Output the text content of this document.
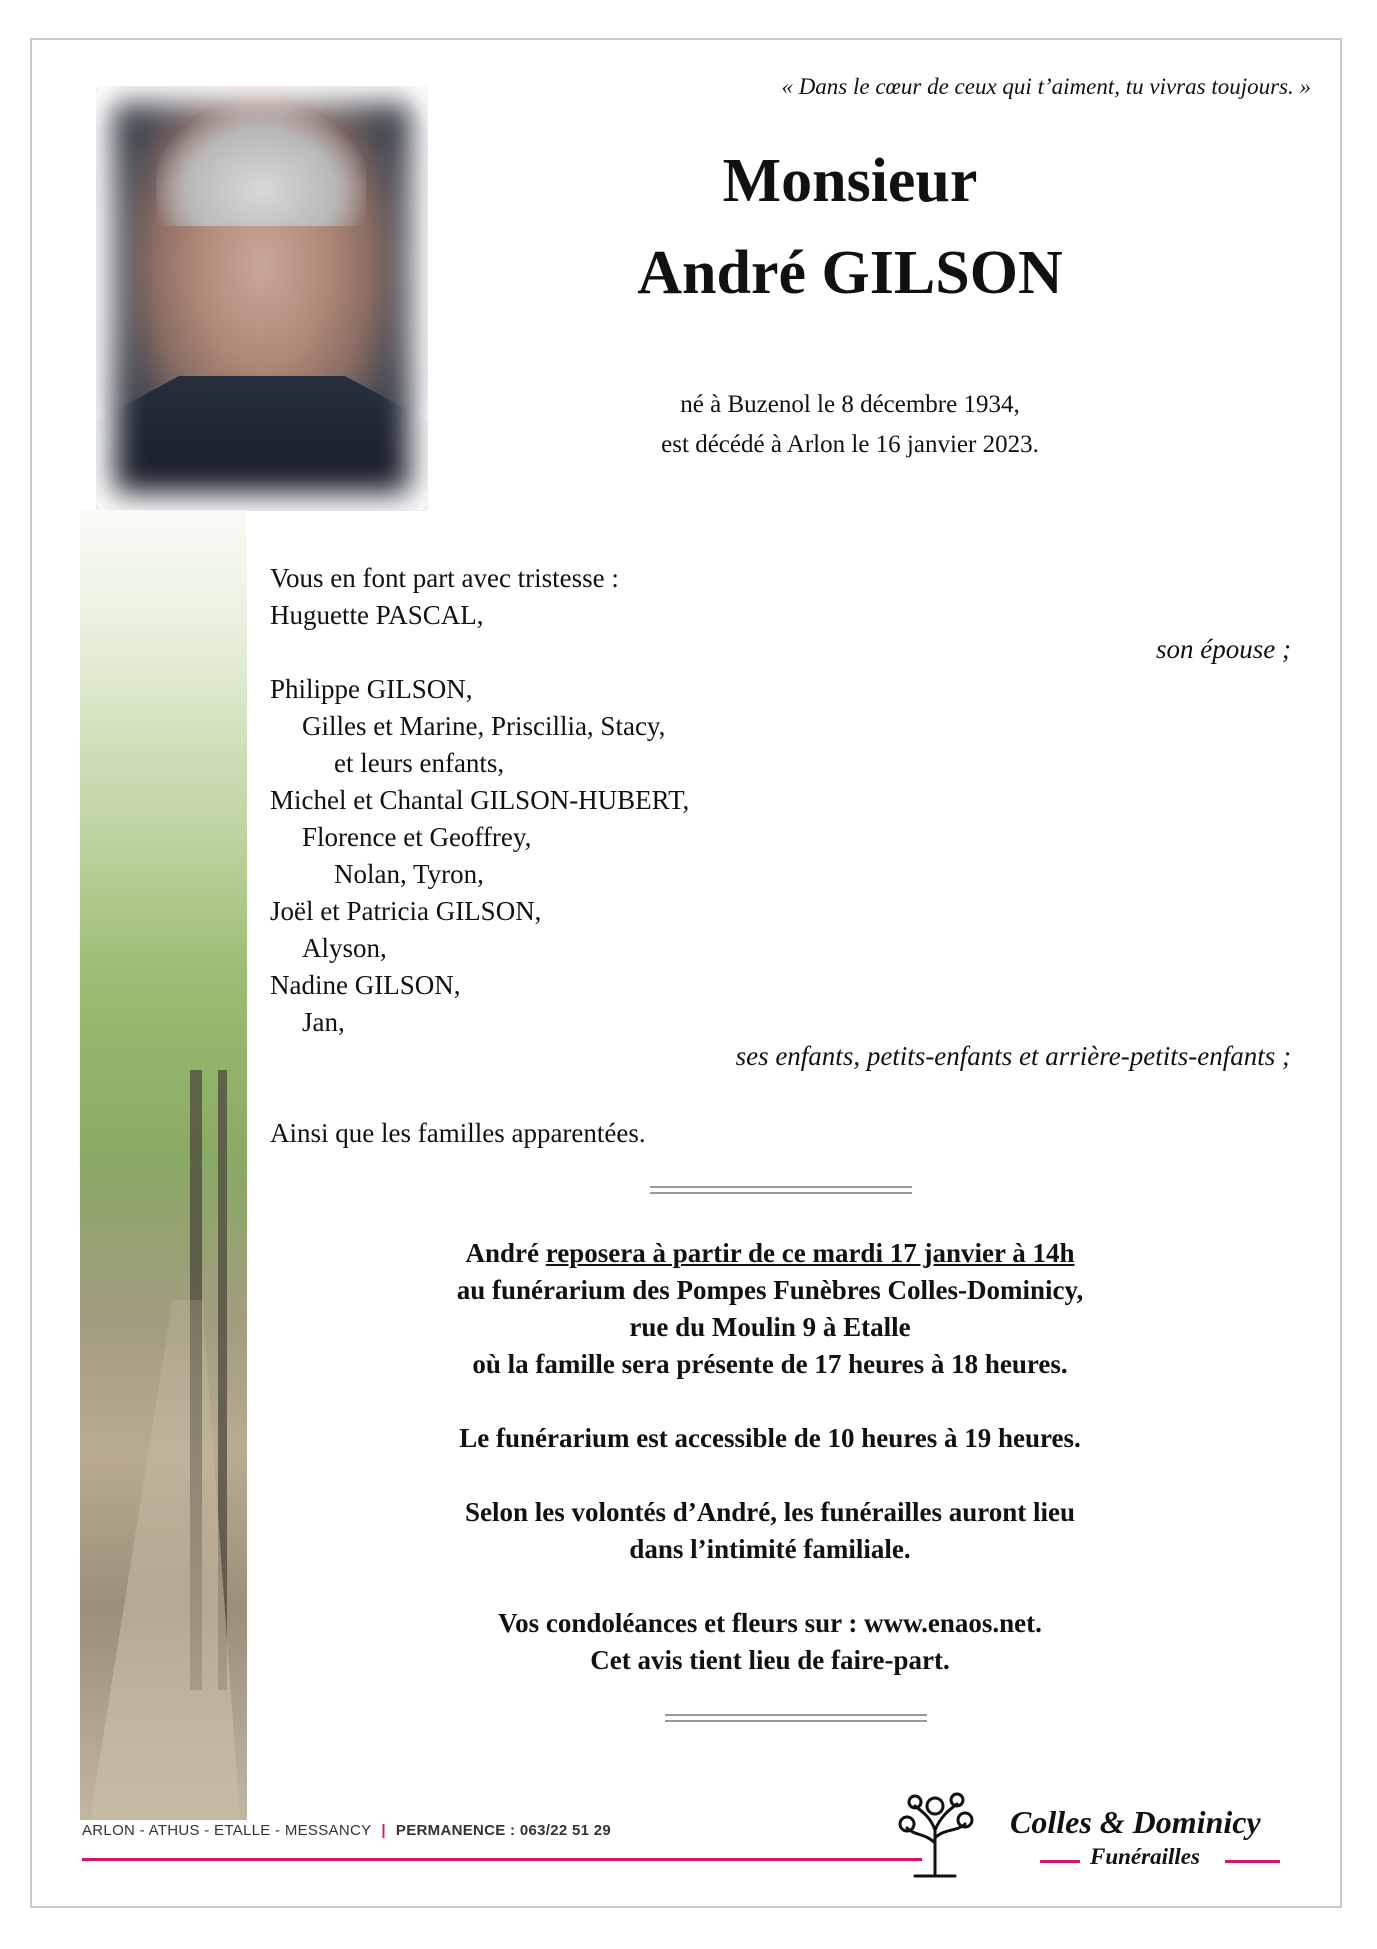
« Dans le cœur de ceux qui t’aiment, tu vivras toujours. »
Monsieur
André GILSON
né à Buzenol le 8 décembre 1934,
est décédé à Arlon le 16 janvier 2023.
Vous en font part avec tristesse :
Huguette PASCAL,
son épouse ;
Philippe GILSON,
Gilles et Marine, Priscillia, Stacy,
et leurs enfants,
Michel et Chantal GILSON-HUBERT,
Florence et Geoffrey,
Nolan, Tyron,
Joël et Patricia GILSON,
Alyson,
Nadine GILSON,
Jan,
ses enfants, petits-enfants et arrière-petits-enfants ;
Ainsi que les familles apparentées.
André reposera à partir de ce mardi 17 janvier à 14h
au funérarium des Pompes Funèbres Colles-Dominicy,
rue du Moulin 9 à Etalle
où la famille sera présente de 17 heures à 18 heures.
Le funérarium est accessible de 10 heures à 19 heures.
Selon les volontés d’André, les funérailles auront lieu
dans l’intimité familiale.
Vos condoléances et fleurs sur : www.enaos.net.
Cet avis tient lieu de faire-part.
ARLON - ATHUS - ETALLE - MESSANCY | PERMANENCE : 063/22 51 29	Colles & Dominicy
Funérailles
